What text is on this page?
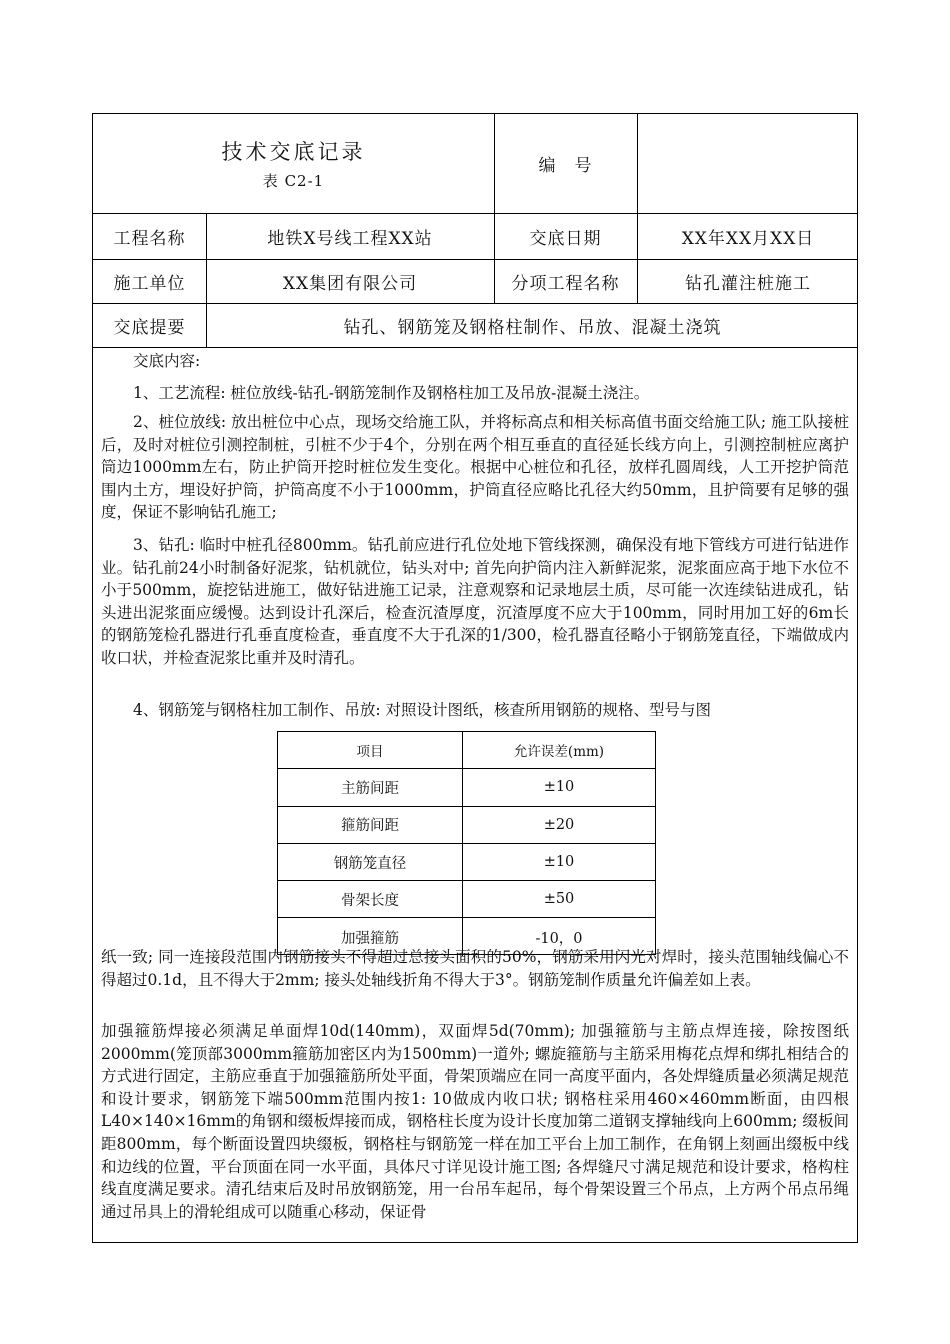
技术交底记录
表 C2-1
编　号
工程名称	地铁X号线工程XX站	交底日期	XX年XX月XX日
施工单位	XX集团有限公司	分项工程名称	钻孔灌注桩施工
交底提要	钻孔、钢筋笼及钢格柱制作、吊放、混凝土浇筑

交底内容:

1、工艺流程: 桩位放线-钻孔-钢筋笼制作及钢格柱加工及吊放-混凝土浇注。

2、桩位放线: 放出桩位中心点，现场交给施工队，并将标高点和相关标高值书面交给施工队; 施工队接桩后，及时对桩位引测控制桩，引桩不少于4个，分别在两个相互垂直的直径延长线方向上，引测控制桩应离护筒边1000mm左右，防止护筒开挖时桩位发生变化。根据中心桩位和孔径，放样孔圆周线，人工开挖护筒范围内土方，埋设好护筒，护筒高度不小于1000mm，护筒直径应略比孔径大约50mm，且护筒要有足够的强度，保证不影响钻孔施工;

3、钻孔: 临时中桩孔径800mm。钻孔前应进行孔位处地下管线探测，确保没有地下管线方可进行钻进作业。钻孔前24小时制备好泥浆，钻机就位，钻头对中; 首先向护筒内注入新鲜泥浆，泥浆面应高于地下水位不小于500mm，旋挖钻进施工，做好钻进施工记录，注意观察和记录地层土质，尽可能一次连续钻进成孔，钻头进出泥浆面应缓慢。达到设计孔深后，检查沉渣厚度，沉渣厚度不应大于100mm，同时用加工好的6m长的钢筋笼检孔器进行孔垂直度检查，垂直度不大于孔深的1/300，检孔器直径略小于钢筋笼直径，下端做成内收口状，并检查泥浆比重并及时清孔。

4、钢筋笼与钢格柱加工制作、吊放: 对照设计图纸，核查所用钢筋的规格、型号与图

项目	允许误差(mm)
主筋间距	±10
箍筋间距	±20
钢筋笼直径	±10
骨架长度	±50
加强箍筋	-10，0

纸一致; 同一连接段范围内钢筋接头不得超过总接头面积的50%，钢筋采用闪光对焊时，接头范围轴线偏心不得超过0.1d，且不得大于2mm; 接头处轴线折角不得大于3°。钢筋笼制作质量允许偏差如上表。

加强箍筋焊接必须满足单面焊10d(140mm)，双面焊5d(70mm); 加强箍筋与主筋点焊连接，除按图纸2000mm(笼顶部3000mm箍筋加密区内为1500mm)一道外; 螺旋箍筋与主筋采用梅花点焊和绑扎相结合的方式进行固定，主筋应垂直于加强箍筋所处平面，骨架顶端应在同一高度平面内，各处焊缝质量必须满足规范和设计要求，钢筋笼下端500mm范围内按1: 10做成内收口状; 钢格柱采用460×460mm断面，由四根L40×140×16mm的角钢和缀板焊接而成，钢格柱长度为设计长度加第二道钢支撑轴线向上600mm; 缀板间距800mm，每个断面设置四块缀板，钢格柱与钢筋笼一样在加工平台上加工制作，在角钢上刻画出缀板中线和边线的位置，平台顶面在同一水平面，具体尺寸详见设计施工图; 各焊缝尺寸满足规范和设计要求，格构柱线直度满足要求。清孔结束后及时吊放钢筋笼，用一台吊车起吊，每个骨架设置三个吊点，上方两个吊点吊绳通过吊具上的滑轮组成可以随重心移动，保证骨
